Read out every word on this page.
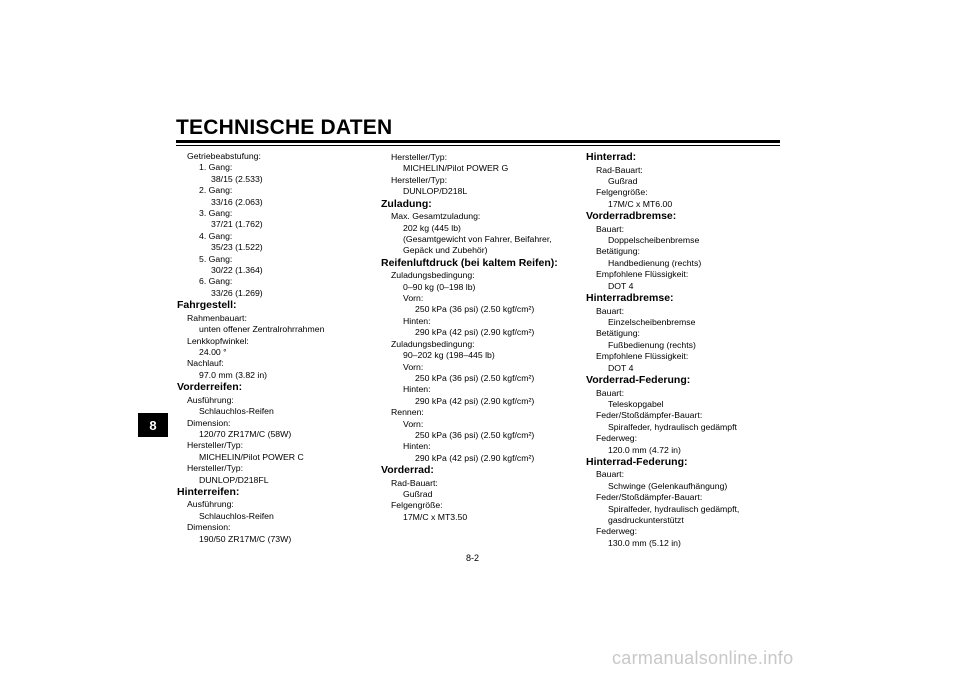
TECHNISCHE DATEN
8
Getriebeabstufung:
1. Gang:
38/15 (2.533)
2. Gang:
33/16 (2.063)
3. Gang:
37/21 (1.762)
4. Gang:
35/23 (1.522)
5. Gang:
30/22 (1.364)
6. Gang:
33/26 (1.269)
Fahrgestell:
Rahmenbauart:
unten offener Zentralrohrrahmen
Lenkkopfwinkel:
24.00 °
Nachlauf:
97.0 mm (3.82 in)
Vorderreifen:
Ausführung:
Schlauchlos-Reifen
Dimension:
120/70 ZR17M/C (58W)
Hersteller/Typ:
MICHELIN/Pilot POWER C
Hersteller/Typ:
DUNLOP/D218FL
Hinterreifen:
Ausführung:
Schlauchlos-Reifen
Dimension:
190/50 ZR17M/C (73W)
Hersteller/Typ:
MICHELIN/Pilot POWER G
Hersteller/Typ:
DUNLOP/D218L
Zuladung:
Max. Gesamtzuladung:
202 kg (445 lb)
(Gesamtgewicht von Fahrer, Beifahrer,
Gepäck und Zubehör)
Reifenluftdruck (bei kaltem Reifen):
Zuladungsbedingung:
0–90 kg (0–198 lb)
Vorn:
250 kPa (36 psi) (2.50 kgf/cm²)
Hinten:
290 kPa (42 psi) (2.90 kgf/cm²)
Zuladungsbedingung:
90–202 kg (198–445 lb)
Vorn:
250 kPa (36 psi) (2.50 kgf/cm²)
Hinten:
290 kPa (42 psi) (2.90 kgf/cm²)
Rennen:
Vorn:
250 kPa (36 psi) (2.50 kgf/cm²)
Hinten:
290 kPa (42 psi) (2.90 kgf/cm²)
Vorderrad:
Rad-Bauart:
Gußrad
Felgengröße:
17M/C x MT3.50
Hinterrad:
Rad-Bauart:
Gußrad
Felgengröße:
17M/C x MT6.00
Vorderradbremse:
Bauart:
Doppelscheibenbremse
Betätigung:
Handbedienung (rechts)
Empfohlene Flüssigkeit:
DOT 4
Hinterradbremse:
Bauart:
Einzelscheibenbremse
Betätigung:
Fußbedienung (rechts)
Empfohlene Flüssigkeit:
DOT 4
Vorderrad-Federung:
Bauart:
Teleskopgabel
Feder/Stoßdämpfer-Bauart:
Spiralfeder, hydraulisch gedämpft
Federweg:
120.0 mm (4.72 in)
Hinterrad-Federung:
Bauart:
Schwinge (Gelenkaufhängung)
Feder/Stoßdämpfer-Bauart:
Spiralfeder, hydraulisch gedämpft,
gasdruckunterstützt
Federweg:
130.0 mm (5.12 in)
8-2
carmanualsonline.info
